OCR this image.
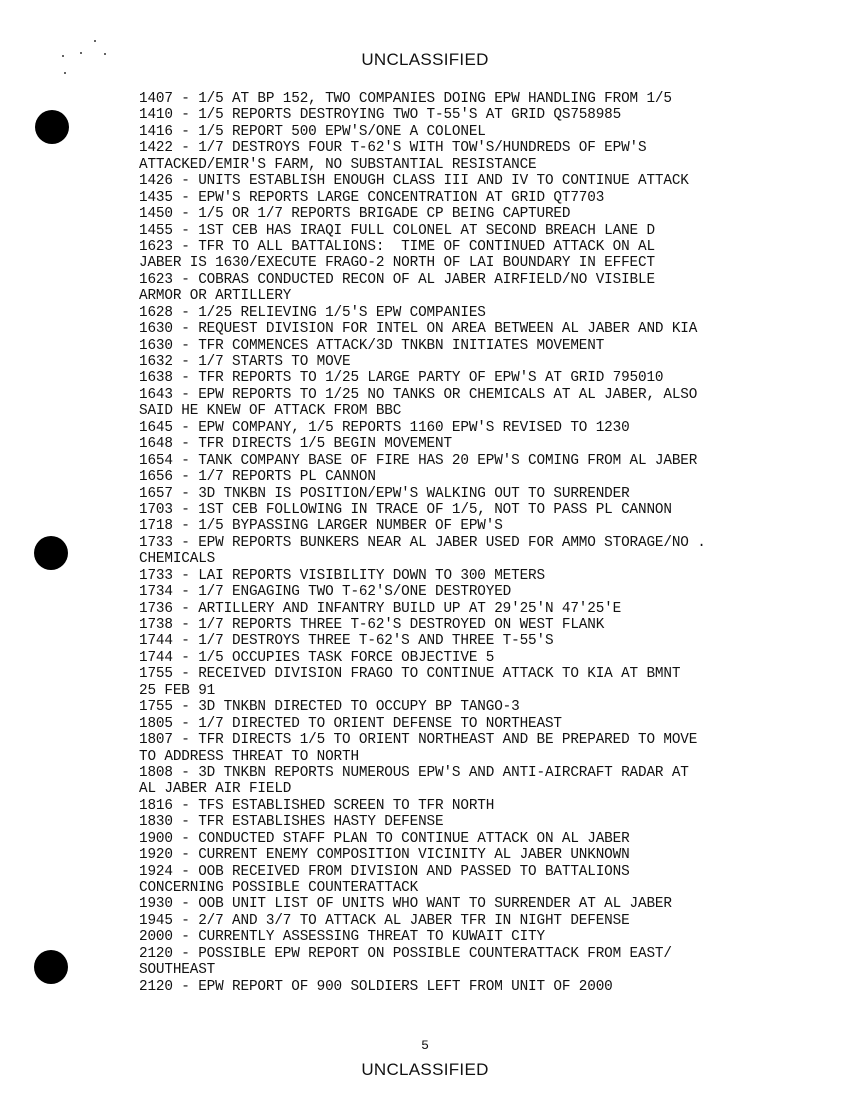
UNCLASSIFIED
1407 - 1/5 AT BP 152, TWO COMPANIES DOING EPW HANDLING FROM 1/5
1410 - 1/5 REPORTS DESTROYING TWO T-55'S AT GRID QS758985
1416 - 1/5 REPORT 500 EPW'S/ONE A COLONEL
1422 - 1/7 DESTROYS FOUR T-62'S WITH TOW'S/HUNDREDS OF EPW'S
ATTACKED/EMIR'S FARM, NO SUBSTANTIAL RESISTANCE
1426 - UNITS ESTABLISH ENOUGH CLASS III AND IV TO CONTINUE ATTACK
1435 - EPW'S REPORTS LARGE CONCENTRATION AT GRID QT7703
1450 - 1/5 OR 1/7 REPORTS BRIGADE CP BEING CAPTURED
1455 - 1ST CEB HAS IRAQI FULL COLONEL AT SECOND BREACH LANE D
1623 - TFR TO ALL BATTALIONS:  TIME OF CONTINUED ATTACK ON AL
JABER IS 1630/EXECUTE FRAGO-2 NORTH OF LAI BOUNDARY IN EFFECT
1623 - COBRAS CONDUCTED RECON OF AL JABER AIRFIELD/NO VISIBLE
ARMOR OR ARTILLERY
1628 - 1/25 RELIEVING 1/5'S EPW COMPANIES
1630 - REQUEST DIVISION FOR INTEL ON AREA BETWEEN AL JABER AND KIA
1630 - TFR COMMENCES ATTACK/3D TNKBN INITIATES MOVEMENT
1632 - 1/7 STARTS TO MOVE
1638 - TFR REPORTS TO 1/25 LARGE PARTY OF EPW'S AT GRID 795010
1643 - EPW REPORTS TO 1/25 NO TANKS OR CHEMICALS AT AL JABER, ALSO
SAID HE KNEW OF ATTACK FROM BBC
1645 - EPW COMPANY, 1/5 REPORTS 1160 EPW'S REVISED TO 1230
1648 - TFR DIRECTS 1/5 BEGIN MOVEMENT
1654 - TANK COMPANY BASE OF FIRE HAS 20 EPW'S COMING FROM AL JABER
1656 - 1/7 REPORTS PL CANNON
1657 - 3D TNKBN IS POSITION/EPW'S WALKING OUT TO SURRENDER
1703 - 1ST CEB FOLLOWING IN TRACE OF 1/5, NOT TO PASS PL CANNON
1718 - 1/5 BYPASSING LARGER NUMBER OF EPW'S
1733 - EPW REPORTS BUNKERS NEAR AL JABER USED FOR AMMO STORAGE/NO .
CHEMICALS
1733 - LAI REPORTS VISIBILITY DOWN TO 300 METERS
1734 - 1/7 ENGAGING TWO T-62'S/ONE DESTROYED
1736 - ARTILLERY AND INFANTRY BUILD UP AT 29'25'N 47'25'E
1738 - 1/7 REPORTS THREE T-62'S DESTROYED ON WEST FLANK
1744 - 1/7 DESTROYS THREE T-62'S AND THREE T-55'S
1744 - 1/5 OCCUPIES TASK FORCE OBJECTIVE 5
1755 - RECEIVED DIVISION FRAGO TO CONTINUE ATTACK TO KIA AT BMNT
25 FEB 91
1755 - 3D TNKBN DIRECTED TO OCCUPY BP TANGO-3
1805 - 1/7 DIRECTED TO ORIENT DEFENSE TO NORTHEAST
1807 - TFR DIRECTS 1/5 TO ORIENT NORTHEAST AND BE PREPARED TO MOVE
TO ADDRESS THREAT TO NORTH
1808 - 3D TNKBN REPORTS NUMEROUS EPW'S AND ANTI-AIRCRAFT RADAR AT
AL JABER AIR FIELD
1816 - TFS ESTABLISHED SCREEN TO TFR NORTH
1830 - TFR ESTABLISHES HASTY DEFENSE
1900 - CONDUCTED STAFF PLAN TO CONTINUE ATTACK ON AL JABER
1920 - CURRENT ENEMY COMPOSITION VICINITY AL JABER UNKNOWN
1924 - OOB RECEIVED FROM DIVISION AND PASSED TO BATTALIONS
CONCERNING POSSIBLE COUNTERATTACK
1930 - OOB UNIT LIST OF UNITS WHO WANT TO SURRENDER AT AL JABER
1945 - 2/7 AND 3/7 TO ATTACK AL JABER TFR IN NIGHT DEFENSE
2000 - CURRENTLY ASSESSING THREAT TO KUWAIT CITY
2120 - POSSIBLE EPW REPORT ON POSSIBLE COUNTERATTACK FROM EAST/
SOUTHEAST
2120 - EPW REPORT OF 900 SOLDIERS LEFT FROM UNIT OF 2000
5
UNCLASSIFIED
